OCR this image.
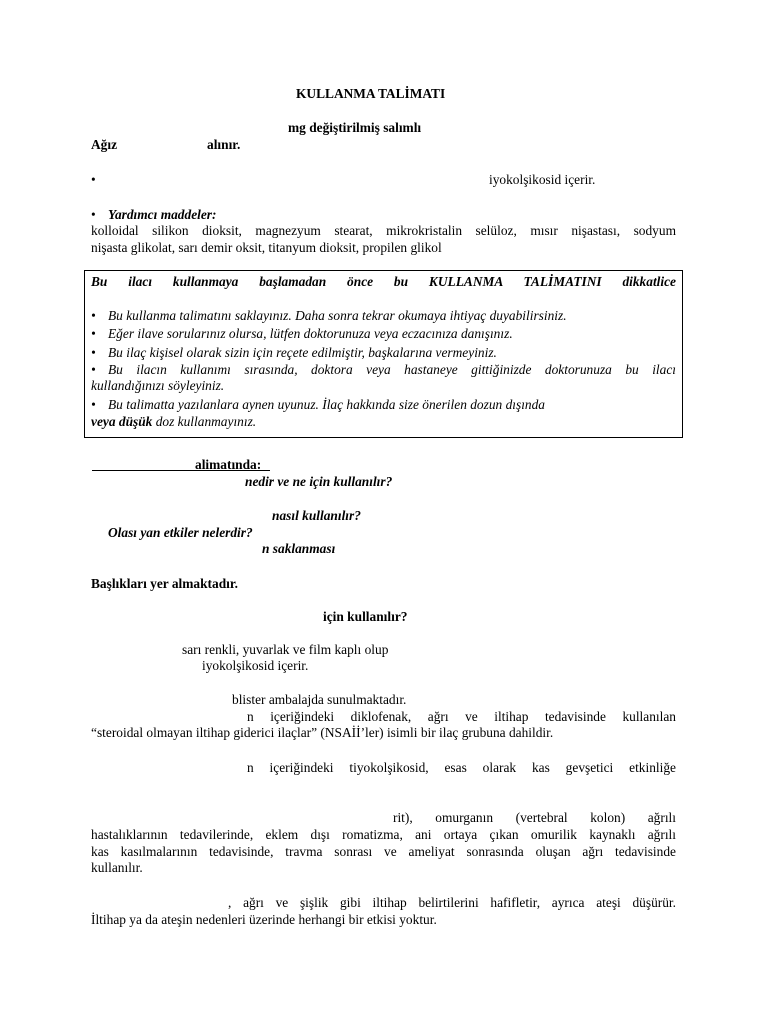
KULLANMA TALİMATI
mg değiştirilmiş salımlı
Ağız	alınır.
•	iyokolşikosid içerir.
• Yardımcı maddeler:
kolloidal silikon dioksit, magnezyum stearat, mikrokristalin selüloz, mısır nişastası, sodyum
nişasta glikolat, sarı demir oksit, titanyum dioksit, propilen glikol
Bu ilacı kullanmaya başlamadan önce bu KULLANMA TALİMATINI dikkatlice
• Bu kullanma talimatını saklayınız. Daha sonra tekrar okumaya ihtiyaç duyabilirsiniz.
• Eğer ilave sorularınız olursa, lütfen doktorunuza veya eczacınıza danışınız.
• Bu ilaç kişisel olarak sizin için reçete edilmiştir, başkalarına vermeyiniz.
• Bu ilacın kullanımı sırasında, doktora veya hastaneye gittiğinizde doktorunuza bu ilacı
kullandığınızı söyleyiniz.
• Bu talimatta yazılanlara aynen uyunuz. İlaç hakkında size önerilen dozun dışında
veya düşük doz kullanmayınız.
alimatında:
nedir ve ne için kullanılır?
nasıl kullanılır?
Olası yan etkiler nelerdir?
n saklanması
Başlıkları yer almaktadır.
için kullanılır?
sarı renkli, yuvarlak ve film kaplı olup
iyokolşikosid içerir.
blister ambalajda sunulmaktadır.
n içeriğindeki diklofenak, ağrı ve iltihap tedavisinde kullanılan
“steroidal olmayan iltihap giderici ilaçlar” (NSAİİ’ler) isimli bir ilaç grubuna dahildir.
n içeriğindeki tiyokolşikosid, esas olarak kas gevşetici etkinliğe
rit), omurganın (vertebral kolon) ağrılı
hastalıklarının tedavilerinde, eklem dışı romatizma, ani ortaya çıkan omurilik kaynaklı ağrılı
kas kasılmalarının tedavisinde, travma sonrası ve ameliyat sonrasında oluşan ağrı tedavisinde
kullanılır.
, ağrı ve şişlik gibi iltihap belirtilerini hafifletir, ayrıca ateşi düşürür.
İltihap ya da ateşin nedenleri üzerinde herhangi bir etkisi yoktur.
